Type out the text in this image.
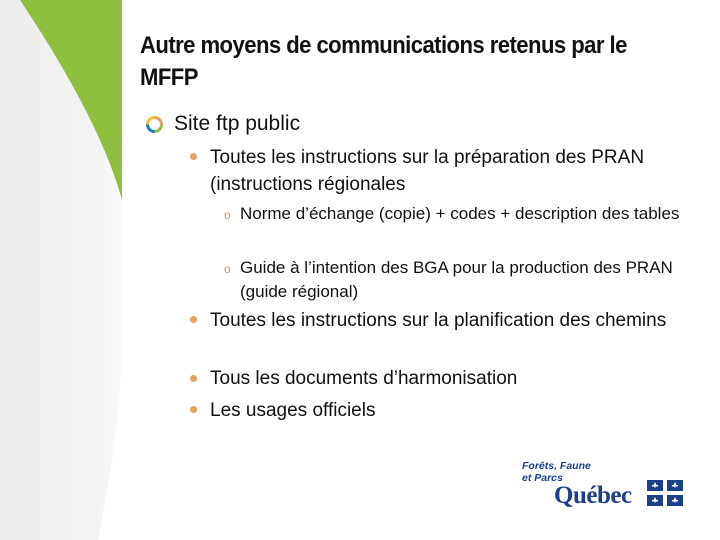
Autre moyens de communications retenus par le MFFP
Site ftp public
Toutes les instructions sur la préparation des PRAN (instructions régionales
o Norme d’échange (copie) + codes + description des tables
o Guide à l’intention des BGA pour la production des PRAN (guide régional)
Toutes les instructions sur la planification des chemins
Tous les documents d’harmonisation
Les usages officiels
Forêts, Faune
et Parcs
Québec
